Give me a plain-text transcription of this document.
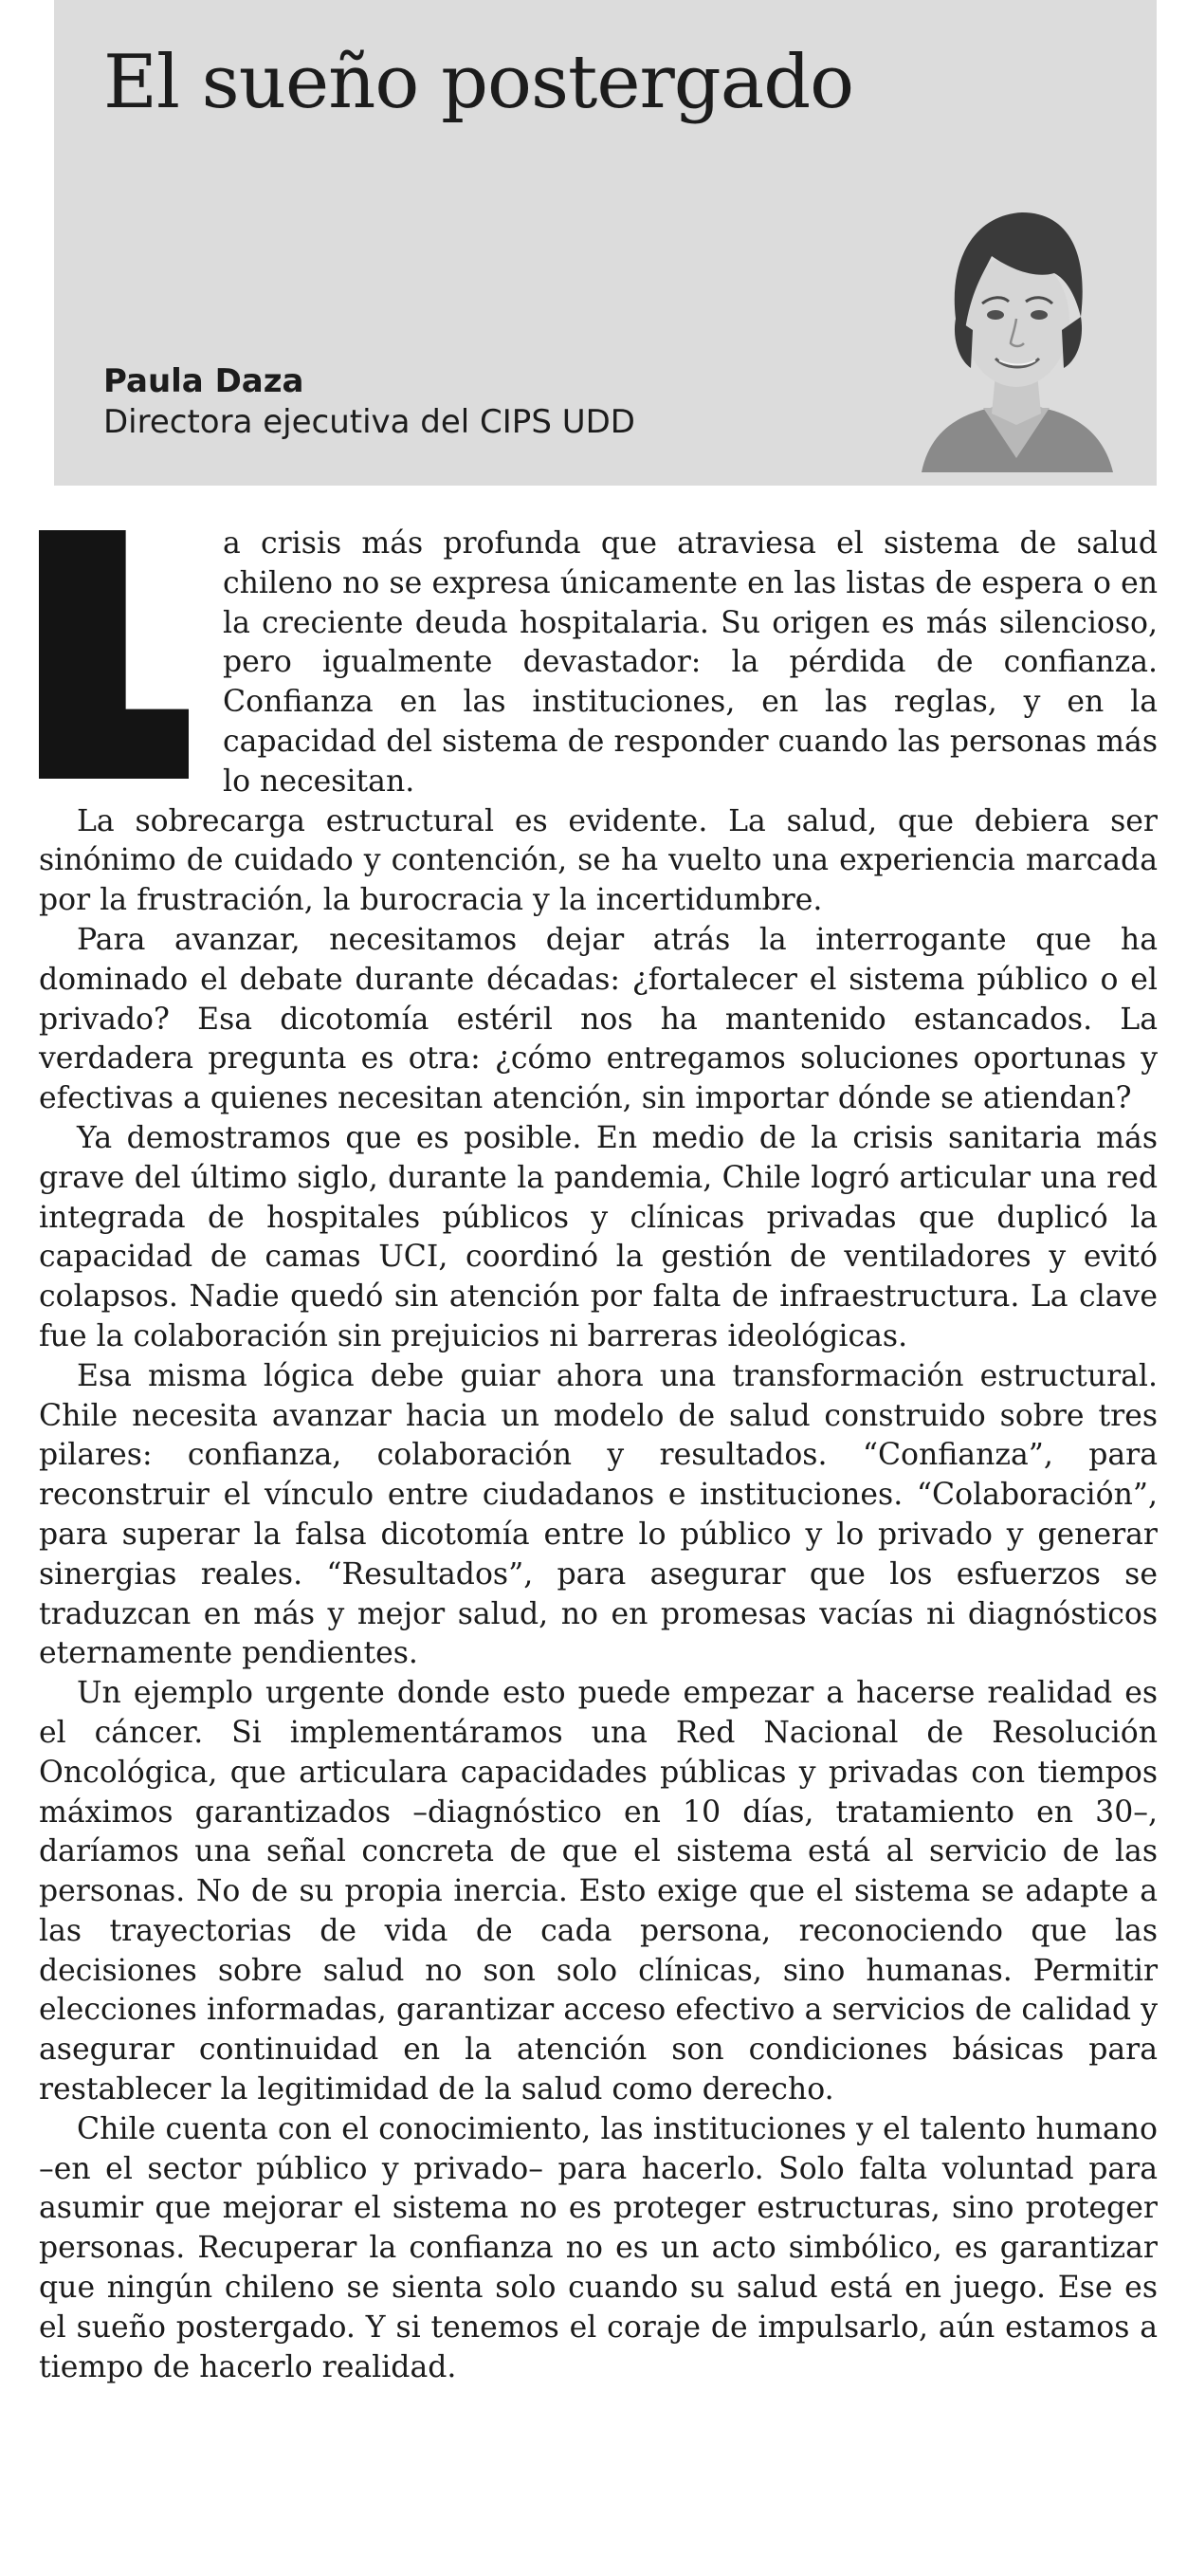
El sueño postergado
Paula Daza
Directora ejecutiva del CIPS UDD

a crisis más profunda que atraviesa el sistema de salud chileno no se expresa únicamente en las listas de espera o en la creciente deuda hospitalaria. Su origen es más silencioso, pero igualmente devastador: la pérdida de confianza. Confianza en las instituciones, en las reglas, y en la capacidad del sistema de responder cuando las personas más lo necesitan.

La sobrecarga estructural es evidente. La salud, que debiera ser sinónimo de cuidado y contención, se ha vuelto una experiencia marcada por la frustración, la burocracia y la incertidumbre.

Para avanzar, necesitamos dejar atrás la interrogante que ha dominado el debate durante décadas: ¿fortalecer el sistema público o el privado? Esa dicotomía estéril nos ha mantenido estancados. La verdadera pregunta es otra: ¿cómo entregamos soluciones oportunas y efectivas a quienes necesitan atención, sin importar dónde se atiendan?

Ya demostramos que es posible. En medio de la crisis sanitaria más grave del último siglo, durante la pandemia, Chile logró articular una red integrada de hospitales públicos y clínicas privadas que duplicó la capacidad de camas UCI, coordinó la gestión de ventiladores y evitó colapsos. Nadie quedó sin atención por falta de infraestructura. La clave fue la colaboración sin prejuicios ni barreras ideológicas.

Esa misma lógica debe guiar ahora una transformación estructural. Chile necesita avanzar hacia un modelo de salud construido sobre tres pilares: confianza, colaboración y resultados. “Confianza”, para reconstruir el vínculo entre ciudadanos e instituciones. “Colaboración”, para superar la falsa dicotomía entre lo público y lo privado y generar sinergias reales. “Resultados”, para asegurar que los esfuerzos se traduzcan en más y mejor salud, no en promesas vacías ni diagnósticos eternamente pendientes.

Un ejemplo urgente donde esto puede empezar a hacerse realidad es el cáncer. Si implementáramos una Red Nacional de Resolución Oncológica, que articulara capacidades públicas y privadas con tiempos máximos garantizados –diagnóstico en 10 días, tratamiento en 30–, daríamos una señal concreta de que el sistema está al servicio de las personas. No de su propia inercia. Esto exige que el sistema se adapte a las trayectorias de vida de cada persona, reconociendo que las decisiones sobre salud no son solo clínicas, sino humanas. Permitir elecciones informadas, garantizar acceso efectivo a servicios de calidad y asegurar continuidad en la atención son condiciones básicas para restablecer la legitimidad de la salud como derecho.

Chile cuenta con el conocimiento, las instituciones y el talento humano –en el sector público y privado– para hacerlo. Solo falta voluntad para asumir que mejorar el sistema no es proteger estructuras, sino proteger personas. Recuperar la confianza no es un acto simbólico, es garantizar que ningún chileno se sienta solo cuando su salud está en juego. Ese es el sueño postergado. Y si tenemos el coraje de impulsarlo, aún estamos a tiempo de hacerlo realidad.
